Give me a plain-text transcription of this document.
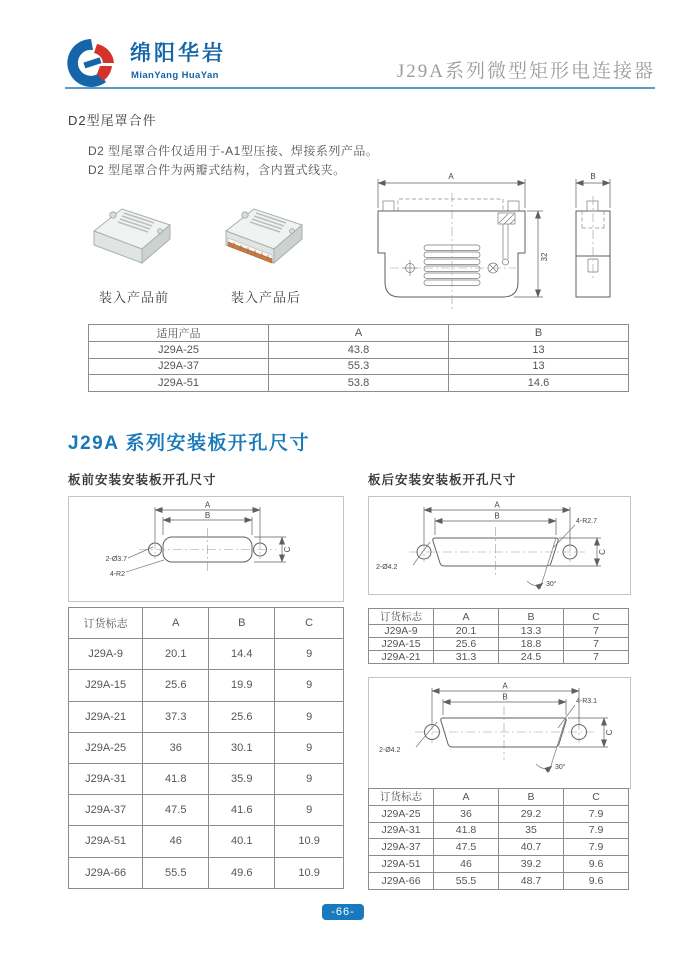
绵阳华岩
MianYang HuaYan	J29A系列微型矩形电连接器
D2型尾罩合件
D2 型尾罩合件仅适用于-A1型压接、焊接系列产品。
D2 型尾罩合件为两瓣式结构，含内置式线夹。
装入产品前	装入产品后
A
32
B
适用产品	A	B
J29A-25	43.8	13
J29A-37	55.3	13
J29A-51	53.8	14.6
J29A 系列安装板开孔尺寸
板前安装安装板开孔尺寸	板后安装安装板开孔尺寸
A
B
C
2-Ø3.7
4-R2
订货标志	A	B	C
J29A-9	20.1	14.4	9
J29A-15	25.6	19.9	9
J29A-21	37.3	25.6	9
J29A-25	36	30.1	9
J29A-31	41.8	35.9	9
J29A-37	47.5	41.6	9
J29A-51	46	40.1	10.9
J29A-66	55.5	49.6	10.9
A
B
C
4-R2.7
2-Ø4.2
30°
订货标志	A	B	C
J29A-9	20.1	13.3	7
J29A-15	25.6	18.8	7
J29A-21	31.3	24.5	7
A
B
C
4-R3.1
2-Ø4.2
30°
订货标志	A	B	C
J29A-25	36	29.2	7.9
J29A-31	41.8	35	7.9
J29A-37	47.5	40.7	7.9
J29A-51	46	39.2	9.6
J29A-66	55.5	48.7	9.6
-66-
